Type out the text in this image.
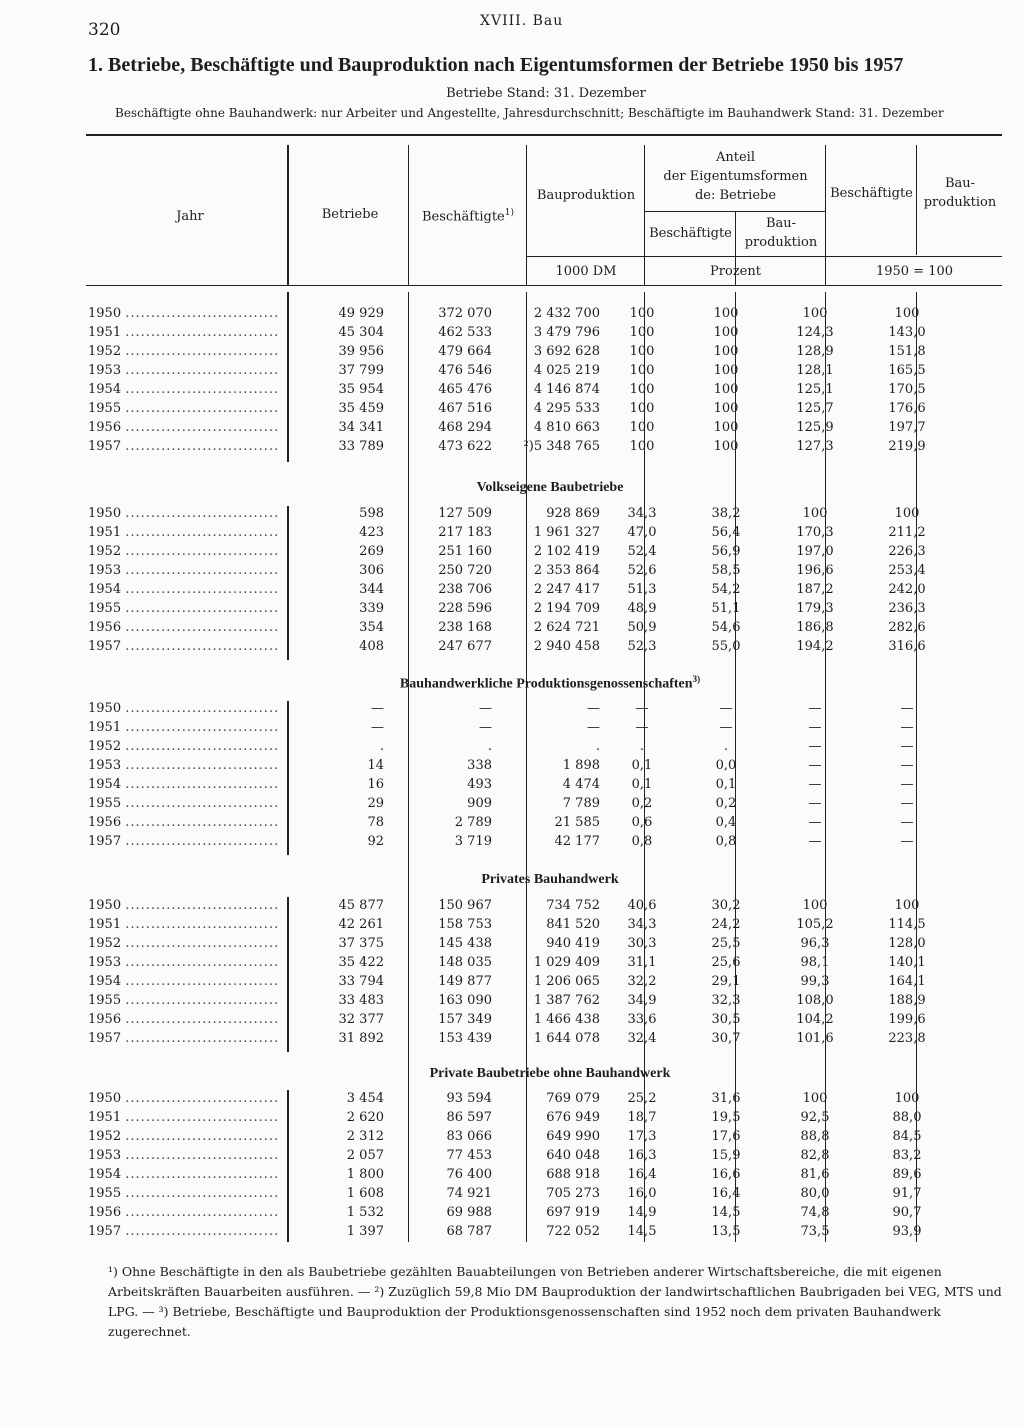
320	XVIII. Bau
1. Betriebe, Beschäftigte und Bauproduktion nach Eigentumsformen der Betriebe 1950 bis 1957
Betriebe Stand: 31. Dezember
Beschäftigte ohne Bauhandwerk: nur Arbeiter und Angestellte, Jahresdurchschnitt; Beschäftigte im Bauhandwerk Stand: 31. Dezember
Jahr	Betriebe	Beschäftigte$^{1)}$
Bauproduktion
Anteil
der Eigentumsformen
de: Betriebe
Beschäftigte
Bau-
produktion
Beschäftigte
Bau-
produktion
1000 DM	Prozent	1950 = 100
Volkseigene Baubetriebe
Bauhandwerkliche Produktionsgenossenschaften$^{3)}$
Privates Bauhandwerk
Private Baubetriebe ohne Bauhandwerk
1950 ..............................	49 929	372 070	2 432 700	100	100	100	100
1951 ..............................	45 304	462 533	3 479 796	100	100	124,3	143,0
1952 ..............................	39 956	479 664	3 692 628	100	100	128,9	151,8
1953 ..............................	37 799	476 546	4 025 219	100	100	128,1	165,5
1954 ..............................	35 954	465 476	4 146 874	100	100	125,1	170,5
1955 ..............................	35 459	467 516	4 295 533	100	100	125,7	176,6
1956 ..............................	34 341	468 294	4 810 663	100	100	125,9	197,7
1957 ..............................	33 789	473 622	²)5 348 765	100	100	127,3	219,9
1950 ..............................	598	127 509	928 869	34,3	38,2	100	100
1951 ..............................	423	217 183	1 961 327	47,0	56,4	170,3	211,2
1952 ..............................	269	251 160	2 102 419	52,4	56,9	197,0	226,3
1953 ..............................	306	250 720	2 353 864	52,6	58,5	196,6	253,4
1954 ..............................	344	238 706	2 247 417	51,3	54,2	187,2	242,0
1955 ..............................	339	228 596	2 194 709	48,9	51,1	179,3	236,3
1956 ..............................	354	238 168	2 624 721	50,9	54,6	186,8	282,6
1957 ..............................	408	247 677	2 940 458	52,3	55,0	194,2	316,6
1950 ..............................	—	—	—	—	—	—	—
1951 ..............................	—	—	—	—	—	—	—
1952 ..............................	.	.	.	.	.	—	—
1953 ..............................	14	338	1 898	0,1	0,0	—	—
1954 ..............................	16	493	4 474	0,1	0,1	—	—
1955 ..............................	29	909	7 789	0,2	0,2	—	—
1956 ..............................	78	2 789	21 585	0,6	0,4	—	—
1957 ..............................	92	3 719	42 177	0,8	0,8	—	—
1950 ..............................	45 877	150 967	734 752	40,6	30,2	100	100
1951 ..............................	42 261	158 753	841 520	34,3	24,2	105,2	114,5
1952 ..............................	37 375	145 438	940 419	30,3	25,5	96,3	128,0
1953 ..............................	35 422	148 035	1 029 409	31,1	25,6	98,1	140,1
1954 ..............................	33 794	149 877	1 206 065	32,2	29,1	99,3	164,1
1955 ..............................	33 483	163 090	1 387 762	34,9	32,3	108,0	188,9
1956 ..............................	32 377	157 349	1 466 438	33,6	30,5	104,2	199,6
1957 ..............................	31 892	153 439	1 644 078	32,4	30,7	101,6	223,8
1950 ..............................	3 454	93 594	769 079	25,2	31,6	100	100
1951 ..............................	2 620	86 597	676 949	18,7	19,5	92,5	88,0
1952 ..............................	2 312	83 066	649 990	17,3	17,6	88,8	84,5
1953 ..............................	2 057	77 453	640 048	16,3	15,9	82,8	83,2
1954 ..............................	1 800	76 400	688 918	16,4	16,6	81,6	89,6
1955 ..............................	1 608	74 921	705 273	16,0	16,4	80,0	91,7
1956 ..............................	1 532	69 988	697 919	14,9	14,5	74,8	90,7
1957 ..............................	1 397	68 787	722 052	14,5	13,5	73,5	93,9

¹) Ohne Beschäftigte in den als Baubetriebe gezählten Bauabteilungen von Betrieben anderer Wirtschaftsbereiche, die mit eigenen Arbeitskräften Bauarbeiten ausführen. — ²) Zuzüglich 59,8 Mio DM Bauproduktion der landwirtschaftlichen Baubrigaden bei VEG, MTS und LPG. — ³) Betriebe, Beschäftigte und Bauproduktion der Produktionsgenossenschaften sind 1952 noch dem privaten Bauhandwerk zugerechnet.
